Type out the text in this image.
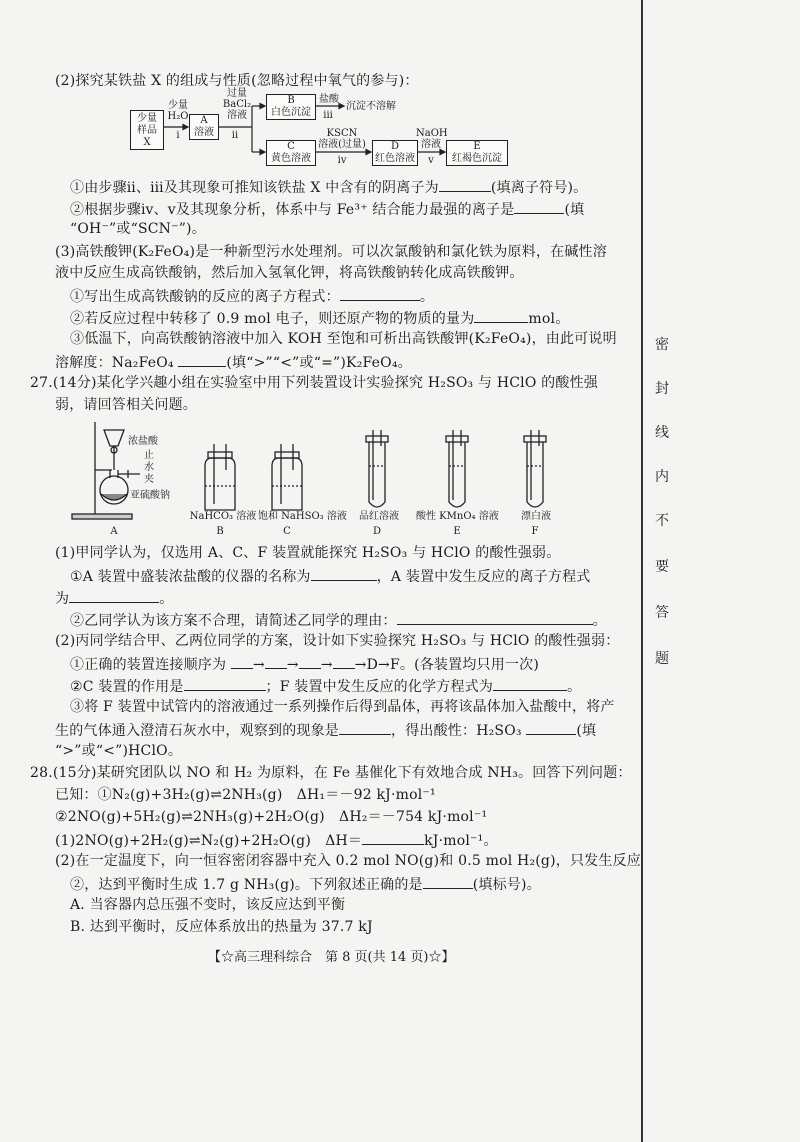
(2)探究某铁盐 X 的组成与性质(忽略过程中氧气的参与)：
少量
样品
X
少量
H₂O
ⅰ
A
溶液
过量
BaCl₂
溶液
ⅱ
B
白色沉淀
盐酸
ⅲ
沉淀不溶解
C
黄色溶液
KSCN
溶液(过量)
ⅳ
D
红色溶液
NaOH
溶液
ⅴ
E
红褐色沉淀
①由步骤ⅱ、ⅲ及其现象可推知该铁盐 X 中含有的阴离子为	(填离子符号)。
②根据步骤ⅳ、ⅴ及其现象分析，体系中与 Fe³⁺ 结合能力最强的离子是	(填
“OH⁻”或“SCN⁻”)。
(3)高铁酸钾(K₂FeO₄)是一种新型污水处理剂。可以次氯酸钠和氯化铁为原料，在碱性溶
液中反应生成高铁酸钠，然后加入氢氧化钾，将高铁酸钠转化成高铁酸钾。
①写出生成高铁酸钠的反应的离子方程式：	。
②若反应过程中转移了 0.9 mol 电子，则还原产物的物质的量为	mol。
③低温下，向高铁酸钠溶液中加入 KOH 至饱和可析出高铁酸钾(K₂FeO₄)，由此可说明
溶解度：Na₂FeO₄	(填“>”“<”或“=”)K₂FeO₄。
27.(14分)某化学兴趣小组在实验室中用下列装置设计实验探究 H₂SO₃ 与 HClO 的酸性强
弱，请回答相关问题。
浓盐酸
止
水
夹
亚硫酸钠
NaHCO₃ 溶液 饱和 NaHSO₃ 溶液	品红溶液	酸性 KMnO₄ 溶液	漂白液
A	B	C	D	E	F
(1)甲同学认为，仅选用 A、C、F 装置就能探究 H₂SO₃ 与 HClO 的酸性强弱。
①A 装置中盛装浓盐酸的仪器的名称为	，A 装置中发生反应的离子方程式
为	。
②乙同学认为该方案不合理，请简述乙同学的理由：	。
(2)丙同学结合甲、乙两位同学的方案，设计如下实验探究 H₂SO₃ 与 HClO 的酸性强弱：
①正确的装置连接顺序为 → → → →D→F。(各装置均只用一次)
②C 装置的作用是	；F 装置中发生反应的化学方程式为	。
③将 F 装置中试管内的溶液通过一系列操作后得到晶体，再将该晶体加入盐酸中，将产
生的气体通入澄清石灰水中，观察到的现象是	，得出酸性：H₂SO₃	(填
“>”或“<”)HClO。
28.(15分)某研究团队以 NO 和 H₂ 为原料，在 Fe 基催化下有效地合成 NH₃。回答下列问题：
已知：①N₂(g)+3H₂(g)⇌2NH₃(g)　ΔH₁＝－92 kJ·mol⁻¹
②2NO(g)+5H₂(g)⇌2NH₃(g)+2H₂O(g)　ΔH₂＝－754 kJ·mol⁻¹
(1)2NO(g)+2H₂(g)⇌N₂(g)+2H₂O(g)　ΔH＝	kJ·mol⁻¹。
(2)在一定温度下，向一恒容密闭容器中充入 0.2 mol NO(g)和 0.5 mol H₂(g)，只发生反应
②，达到平衡时生成 1.7 g NH₃(g)。下列叙述正确的是	(填标号)。
A. 当容器内总压强不变时，该反应达到平衡
B. 达到平衡时，反应体系放出的热量为 37.7 kJ
【☆高三理科综合　第 8 页(共 14 页)☆】
密
封
线
内
不
要
答
题
